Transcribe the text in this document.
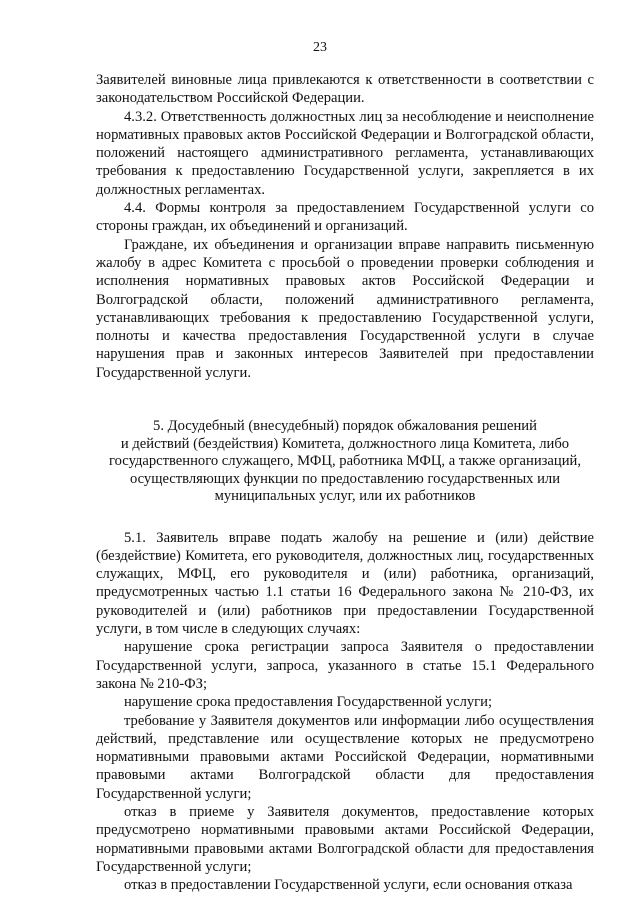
23

Заявителей виновные лица привлекаются к ответственности в соответствии с законодательством Российской Федерации.

4.3.2. Ответственность должностных лиц за несоблюдение и неисполнение нормативных правовых актов Российской Федерации и Волгоградской области, положений настоящего административного регламента, устанавливающих требования к предоставлению Государственной услуги, закрепляется в их должностных регламентах.

4.4. Формы контроля за предоставлением Государственной услуги со стороны граждан, их объединений и организаций.

Граждане, их объединения и организации вправе направить письменную жалобу в адрес Комитета с просьбой о проведении проверки соблюдения и исполнения нормативных правовых актов Российской Федерации и Волгоградской области, положений административного регламента, устанавливающих требования к предоставлению Государственной услуги, полноты и качества предоставления Государственной услуги в случае нарушения прав и законных интересов Заявителей при предоставлении Государственной услуги.

5. Досудебный (внесудебный) порядок обжалования решений
и действий (бездействия) Комитета, должностного лица Комитета, либо
государственного служащего, МФЦ, работника МФЦ, а также организаций,
осуществляющих функции по предоставлению государственных или
муниципальных услуг, или их работников

5.1. Заявитель вправе подать жалобу на решение и (или) действие (бездействие) Комитета, его руководителя, должностных лиц, государственных служащих, МФЦ, его руководителя и (или) работника, организаций, предусмотренных частью 1.1 статьи 16 Федерального закона № 210-ФЗ, их руководителей и (или) работников при предоставлении Государственной услуги, в том числе в следующих случаях:

нарушение срока регистрации запроса Заявителя о предоставлении Государственной услуги, запроса, указанного в статье 15.1 Федерального закона № 210-ФЗ;

нарушение срока предоставления Государственной услуги;

требование у Заявителя документов или информации либо осуществления действий, представление или осуществление которых не предусмотрено нормативными правовыми актами Российской Федерации, нормативными правовыми актами Волгоградской области для предоставления Государственной услуги;

отказ в приеме у Заявителя документов, предоставление которых предусмотрено нормативными правовыми актами Российской Федерации, нормативными правовыми актами Волгоградской области для предоставления Государственной услуги;

отказ в предоставлении Государственной услуги, если основания отказа
